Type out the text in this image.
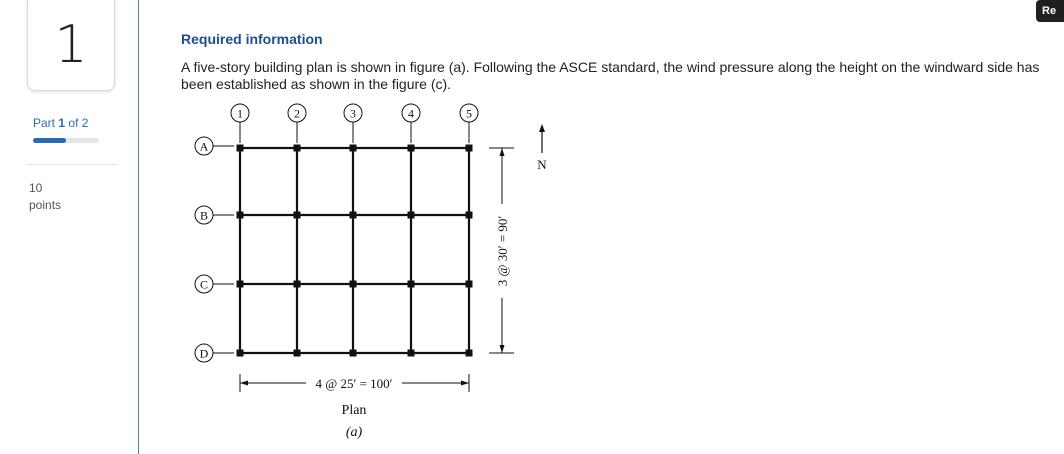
1
Part 1 of 2
10
points
Re
Required information
A five-story building plan is shown in figure (a). Following the ASCE standard, the wind pressure along the height on the windward side has been established as shown in the figure (c).
1	2	3	4	5
A
B
C
D
4 @ 25′ = 100′
3 @ 30′ = 90′
N
Plan
(a)
